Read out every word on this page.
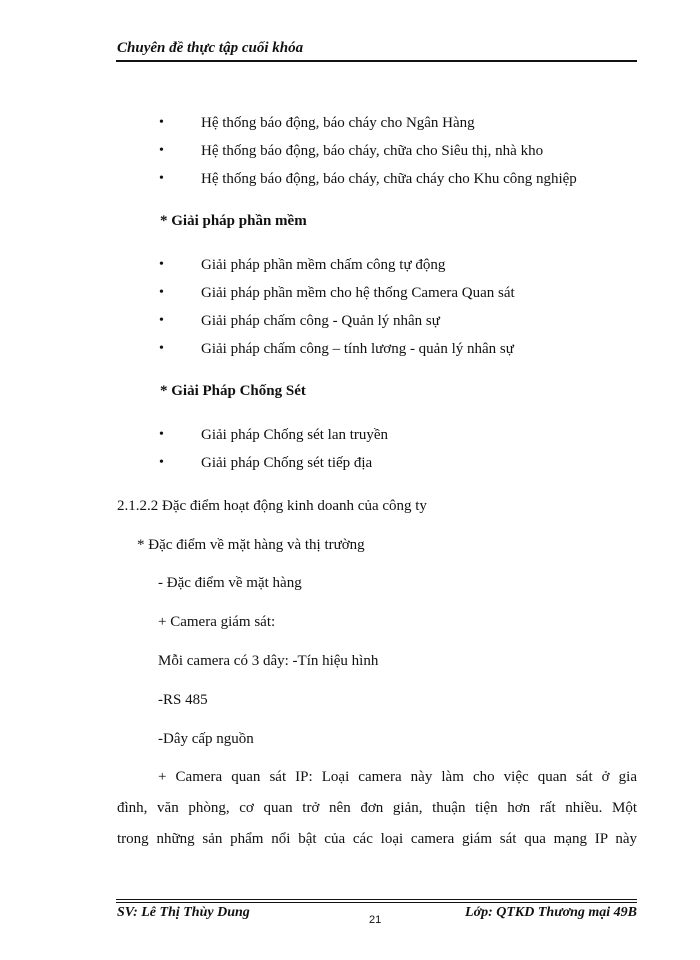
Chuyên đề thực tập cuối khóa
• Hệ thống báo động, báo cháy cho Ngân Hàng
• Hệ thống báo động, báo cháy, chữa cho Siêu thị, nhà kho
• Hệ thống báo động, báo cháy, chữa cháy cho Khu công nghiệp
* Giải pháp phần mềm
• Giải pháp phần mềm chấm công tự động
• Giải pháp phần mềm cho hệ thống Camera Quan sát
• Giải pháp chấm công - Quản lý nhân sự
• Giải pháp chấm công – tính lương - quản lý nhân sự
* Giải Pháp Chống Sét
• Giải pháp Chống sét lan truyền
• Giải pháp Chống sét tiếp địa
2.1.2.2 Đặc điểm hoạt động kinh doanh của công ty
* Đặc điểm về mặt hàng và thị trường
- Đặc điểm về mặt hàng
+ Camera giám sát:
Mỗi camera có 3 dây: -Tín hiệu hình
-RS 485
-Dây cấp nguồn
+ Camera quan sát IP: Loại camera này làm cho việc quan sát ở gia
đình, văn phòng, cơ quan trở nên đơn giản, thuận tiện hơn rất nhiều. Một
trong những sản phẩm nổi bật của các loại camera giám sát qua mạng IP này
SV: Lê Thị Thùy Dung	21	Lớp: QTKD Thương mại 49B
